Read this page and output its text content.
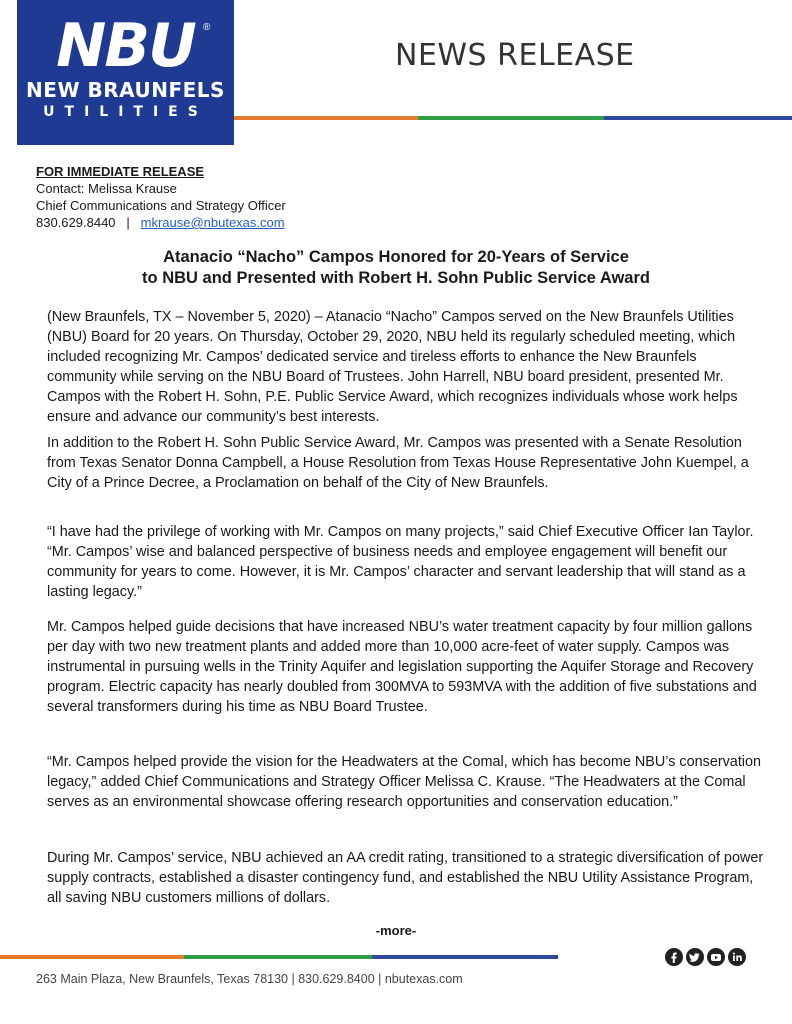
NBU ®
NEW BRAUNFELS
UTILITIES
NEWS RELEASE
FOR IMMEDIATE RELEASE
Contact: Melissa Krause
Chief Communications and Strategy Officer
830.629.8440 | mkrause@nbutexas.com
Atanacio “Nacho” Campos Honored for 20-Years of Service
to NBU and Presented with Robert H. Sohn Public Service Award

(New Braunfels, TX – November 5, 2020) – Atanacio “Nacho” Campos served on the New Braunfels Utilities (NBU) Board for 20 years. On Thursday, October 29, 2020, NBU held its regularly scheduled meeting, which included recognizing Mr. Campos’ dedicated service and tireless efforts to enhance the New Braunfels community while serving on the NBU Board of Trustees. John Harrell, NBU board president, presented Mr. Campos with the Robert H. Sohn, P.E. Public Service Award, which recognizes individuals whose work helps ensure and advance our community’s best interests.

In addition to the Robert H. Sohn Public Service Award, Mr. Campos was presented with a Senate Resolution from Texas Senator Donna Campbell, a House Resolution from Texas House Representative John Kuempel, a City of a Prince Decree, a Proclamation on behalf of the City of New Braunfels.

“I have had the privilege of working with Mr. Campos on many projects,” said Chief Executive Officer Ian Taylor. “Mr. Campos’ wise and balanced perspective of business needs and employee engagement will benefit our community for years to come. However, it is Mr. Campos’ character and servant leadership that will stand as a lasting legacy.”

Mr. Campos helped guide decisions that have increased NBU’s water treatment capacity by four million gallons per day with two new treatment plants and added more than 10,000 acre-feet of water supply. Campos was instrumental in pursuing wells in the Trinity Aquifer and legislation supporting the Aquifer Storage and Recovery program. Electric capacity has nearly doubled from 300MVA to 593MVA with the addition of five substations and several transformers during his time as NBU Board Trustee.

“Mr. Campos helped provide the vision for the Headwaters at the Comal, which has become NBU’s conservation legacy,” added Chief Communications and Strategy Officer Melissa C. Krause. “The Headwaters at the Comal serves as an environmental showcase offering research opportunities and conservation education.”

During Mr. Campos’ service, NBU achieved an AA credit rating, transitioned to a strategic diversification of power supply contracts, established a disaster contingency fund, and established the NBU Utility Assistance Program, all saving NBU customers millions of dollars.

-more-
263 Main Plaza, New Braunfels, Texas 78130 | 830.629.8400 | nbutexas.com
